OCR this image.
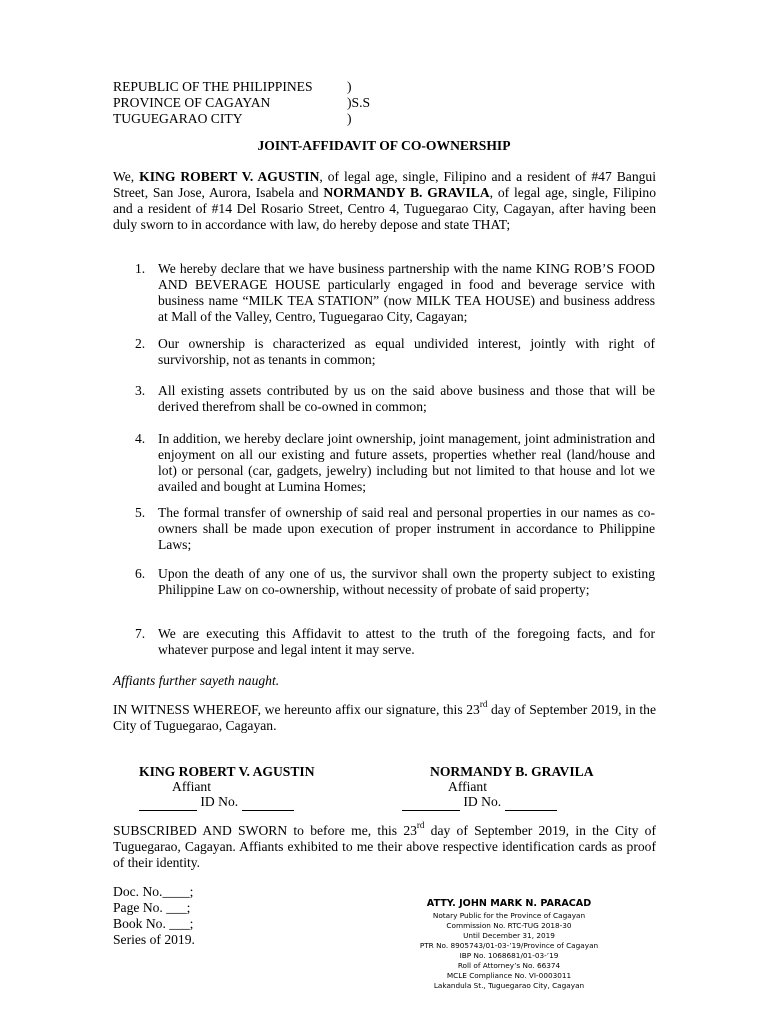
REPUBLIC OF THE PHILIPPINES	)
PROVINCE OF CAGAYAN	)S.S
TUGUEGARAO CITY	)
JOINT-AFFIDAVIT OF CO-OWNERSHIP
We, KING ROBERT V. AGUSTIN, of legal age, single, Filipino and a resident of #47 Bangui Street, San Jose, Aurora, Isabela and NORMANDY B. GRAVILA, of legal age, single, Filipino and a resident of #14 Del Rosario Street, Centro 4, Tuguegarao City, Cagayan, after having been duly sworn to in accordance with law, do hereby depose and state THAT;
1. We hereby declare that we have business partnership with the name KING ROB’S FOOD AND BEVERAGE HOUSE particularly engaged in food and beverage service with business name “MILK TEA STATION” (now MILK TEA HOUSE) and business address at Mall of the Valley, Centro, Tuguegarao City, Cagayan;
2. Our ownership is characterized as equal undivided interest, jointly with right of survivorship, not as tenants in common;
3. All existing assets contributed by us on the said above business and those that will be derived therefrom shall be co-owned in common;
4. In addition, we hereby declare joint ownership, joint management, joint administration and enjoyment on all our existing and future assets, properties whether real (land/house and lot) or personal (car, gadgets, jewelry) including but not limited to that house and lot we availed and bought at Lumina Homes;
5. The formal transfer of ownership of said real and personal properties in our names as co-owners shall be made upon execution of proper instrument in accordance to Philippine Laws;
6. Upon the death of any one of us, the survivor shall own the property subject to existing Philippine Law on co-ownership, without necessity of probate of said property;
7. We are executing this Affidavit to attest to the truth of the foregoing facts, and for whatever purpose and legal intent it may serve.
Affiants further sayeth naught.
IN WITNESS WHEREOF, we hereunto affix our signature, this 23rd day of September 2019, in the City of Tuguegarao, Cagayan.
KING ROBERT V. AGUSTIN
Affiant
ID No.
NORMANDY B. GRAVILA
Affiant
ID No.
SUBSCRIBED AND SWORN to before me, this 23rd day of September 2019, in the City of Tuguegarao, Cagayan. Affiants exhibited to me their above respective identification cards as proof of their identity.
Doc. No.____;
Page No. ___;
Book No. ___;
Series of 2019.
ATTY. JOHN MARK N. PARACAD
Notary Public for the Province of Cagayan
Commission No. RTC-TUG 2018-30
Until December 31, 2019
PTR No. 8905743/01-03-’19/Province of Cagayan
IBP No. 1068681/01-03-’19
Roll of Attorney’s No. 66374
MCLE Compliance No. VI-0003011
Lakandula St., Tuguegarao City, Cagayan
